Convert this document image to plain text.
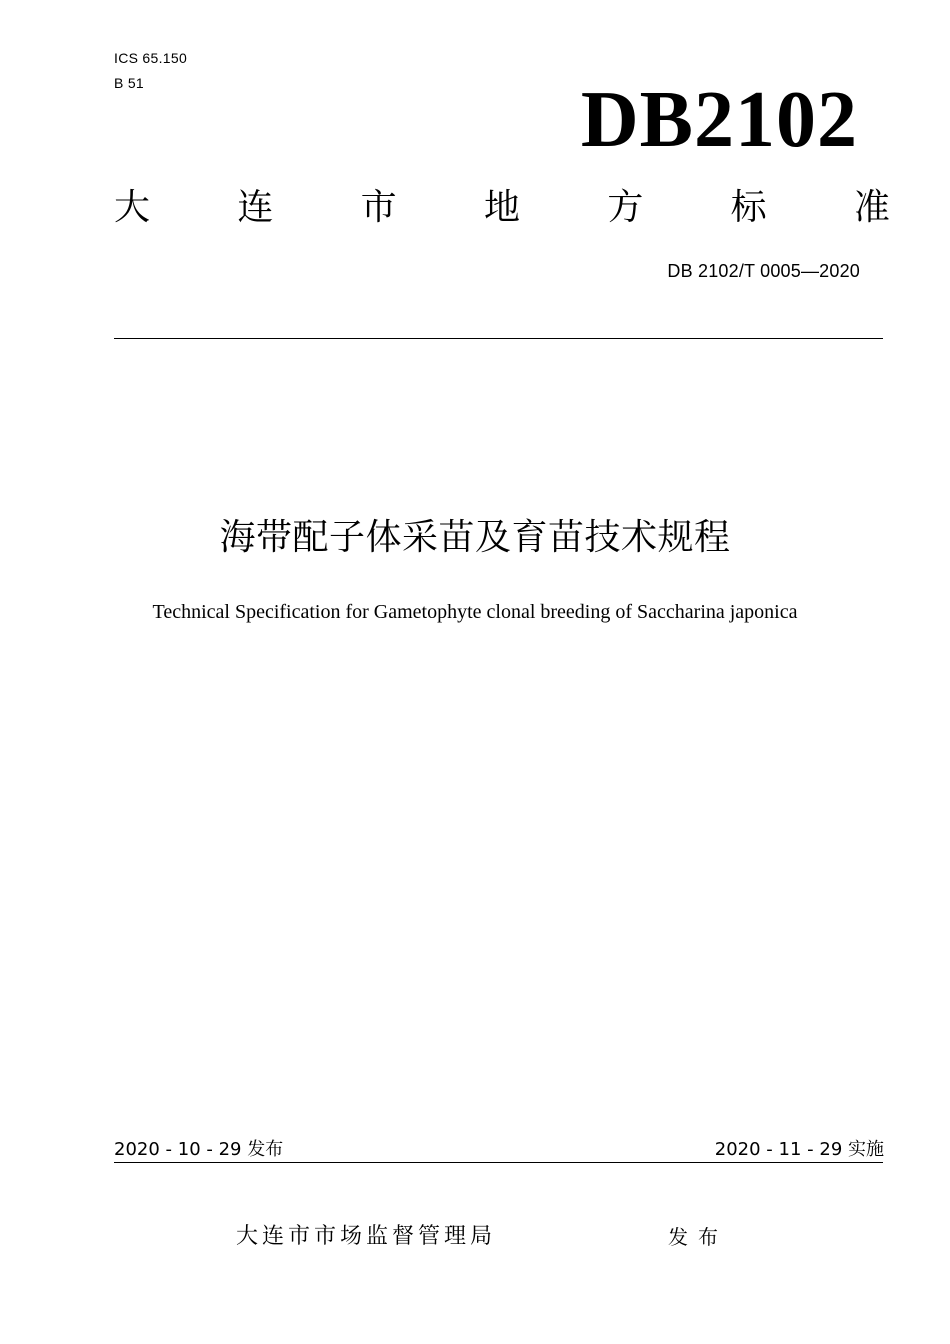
ICS 65.150
B 51	DB2102
大 连 市 地 方 标 准
DB 2102/T 0005—2020
海带配子体采苗及育苗技术规程
Technical Specification for Gametophyte clonal breeding of Saccharina japonica
2020 - 10 - 29 发布	2020 - 11 - 29 实施
大连市市场监督管理局	发布
